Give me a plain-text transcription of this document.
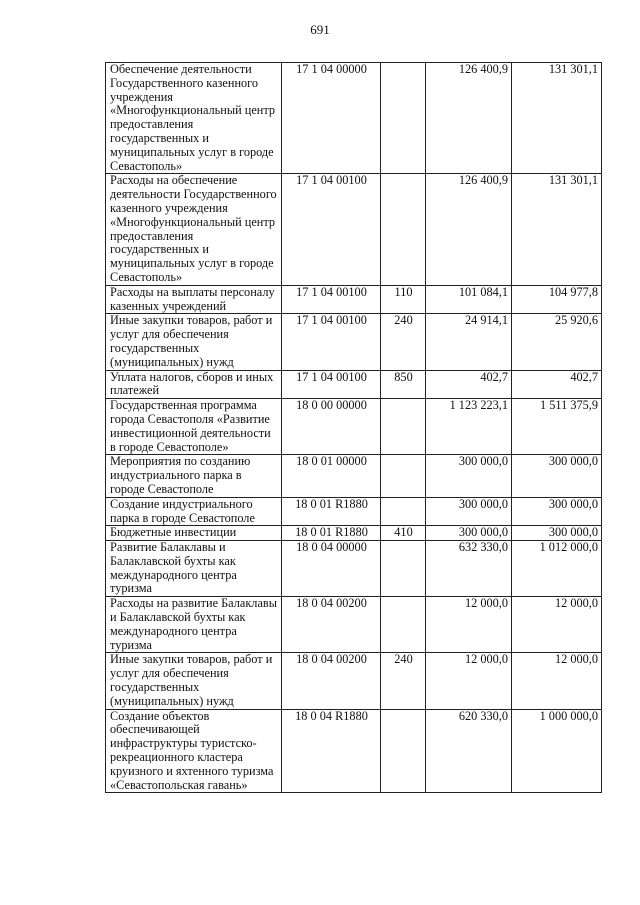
691
Обеспечение деятельности Государственного казенного учреждения «Многофункциональный центр предоставления государственных и муниципальных услуг в городе Севастополь»	17 1 04 00000		126 400,9	131 301,1
Расходы на обеспечение деятельности Государственного казенного учреждения «Многофункциональный центр предоставления государственных и муниципальных услуг в городе Севастополь»	17 1 04 00100		126 400,9	131 301,1
Расходы на выплаты персоналу казенных учреждений	17 1 04 00100	110	101 084,1	104 977,8
Иные закупки товаров, работ и услуг для обеспечения государственных (муниципальных) нужд	17 1 04 00100	240	24 914,1	25 920,6
Уплата налогов, сборов и иных платежей	17 1 04 00100	850	402,7	402,7
Государственная программа города Севастополя «Развитие инвестиционной деятельности в городе Севастополе»	18 0 00 00000		1 123 223,1	1 511 375,9
Мероприятия по созданию индустриального парка в городе Севастополе	18 0 01 00000		300 000,0	300 000,0
Создание индустриального парка в городе Севастополе	18 0 01 R1880		300 000,0	300 000,0
Бюджетные инвестиции	18 0 01 R1880	410	300 000,0	300 000,0
Развитие Балаклавы и Балаклавской бухты как международного центра туризма	18 0 04 00000		632 330,0	1 012 000,0
Расходы на развитие Балаклавы и Балаклавской бухты как международного центра туризма	18 0 04 00200		12 000,0	12 000,0
Иные закупки товаров, работ и услуг для обеспечения государственных (муниципальных) нужд	18 0 04 00200	240	12 000,0	12 000,0
Создание объектов обеспечивающей инфраструктуры туристско-рекреационного кластера круизного и яхтенного туризма «Севастопольская гавань»	18 0 04 R1880		620 330,0	1 000 000,0
